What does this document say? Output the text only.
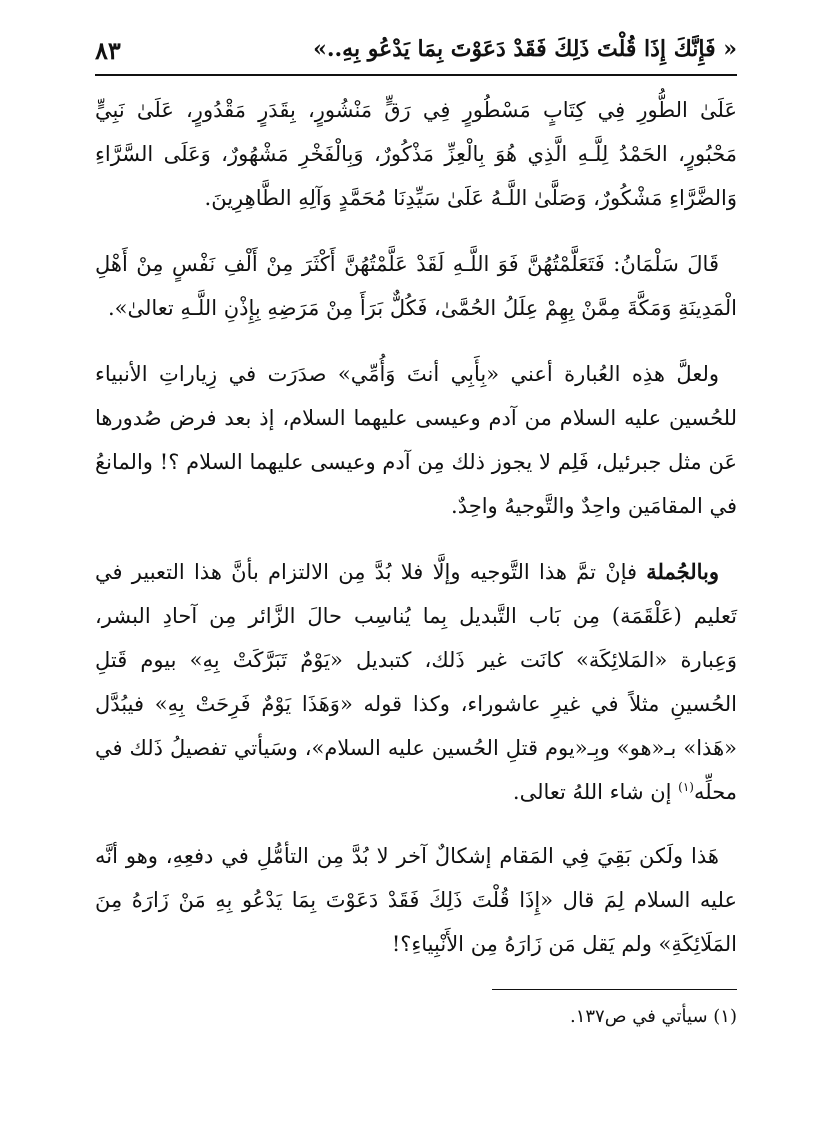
« فَإِنَّكَ إِذَا قُلْتَ ذَلِكَ فَقَدْ دَعَوْتَ بِمَا يَدْعُو بِهِ..»
٨٣

عَلَىٰ الطُّورِ فِي كِتَابٍ مَسْطُورٍ فِي رَقٍّ مَنْشُورٍ، بِقَدَرٍ مَقْدُورٍ، عَلَىٰ نَبِيٍّ مَحْبُورٍ، الحَمْدُ لِلَّـهِ الَّذِي هُوَ بِالْعِزِّ مَذْكُورٌ، وَبِالْفَخْرِ مَشْهُورٌ، وَعَلَى السَّرَّاءِ وَالضَّرَّاءِ مَشْكُورٌ، وَصَلَّىٰ اللَّـهُ عَلَىٰ سَيِّدِنَا مُحَمَّدٍ وَآلِهِ الطَّاهِرِينَ.

قَالَ سَلْمَانُ: فَتَعَلَّمْتُهُنَّ فَوَ اللَّـهِ لَقَدْ عَلَّمْتُهُنَّ أَكْثَرَ مِنْ أَلْفِ نَفْسٍ مِنْ أَهْلِ الْمَدِينَةِ وَمَكَّةَ مِمَّنْ بِهِمْ عِلَلُ الحُمَّىٰ، فَكُلٌّ بَرَأَ مِنْ مَرَضِهِ بِإِذْنِ اللَّـهِ تعالىٰ».

ولعلَّ هذِه العُبارة أعني «بِأَبِي أنتَ وَأُمِّي» صدَرَت في زِياراتِ الأنبياء للحُسين عليه السلام من آدم وعيسى عليهما السلام، إذ بعد فرض صُدورها عَن مثل جبرئيل، فَلِم لا يجوز ذلك مِن آدم وعيسى عليهما السلام ؟! والمانعُ في المقامَين واحِدٌ والتَّوجيهُ واحِدٌ.

وبالجُملة فإنْ تمَّ هذا التَّوجيه وإلَّا فلا بُدَّ مِن الالتزام بأنَّ هذا التعبير في تَعليم (عَلْقَمَة) مِن بَاب التَّبديل بِما يُناسِب حالَ الزَّائر مِن آحادِ البشر، وَعِبارة «المَلائِكَة» كانَت غير ذَلك، كتبديل «يَوْمٌ تَبَرَّكَتْ بِهِ» بيوم قَتلِ الحُسينِ مثلاً في غيرِ عاشوراء، وكذا قوله «وَهَذَا يَوْمٌ فَرِحَتْ بِهِ» فيبُدَّل «هَذا» بـ«هو» وبِـ«يوم قتلِ الحُسين عليه السلام»، وسَيأتي تفصيلُ ذَلك في محلِّه$^{(١)}$ إن شاء اللهُ تعالى.

هَذا ولَكن بَقِيَ فِي المَقام إشكالٌ آخر لا بُدَّ مِن التأمُّلِ في دفعِهِ، وهو أنَّه عليه السلام لِمَ قال «إِذَا قُلْتَ ذَلِكَ فَقَدْ دَعَوْتَ بِمَا يَدْعُو بِهِ مَنْ زَارَهُ مِنَ المَلَائِكَةِ» ولم يَقل مَن زَارَهُ مِن الأَنْبِياءِ؟!

(١) سيأتي في ص١٣٧.
